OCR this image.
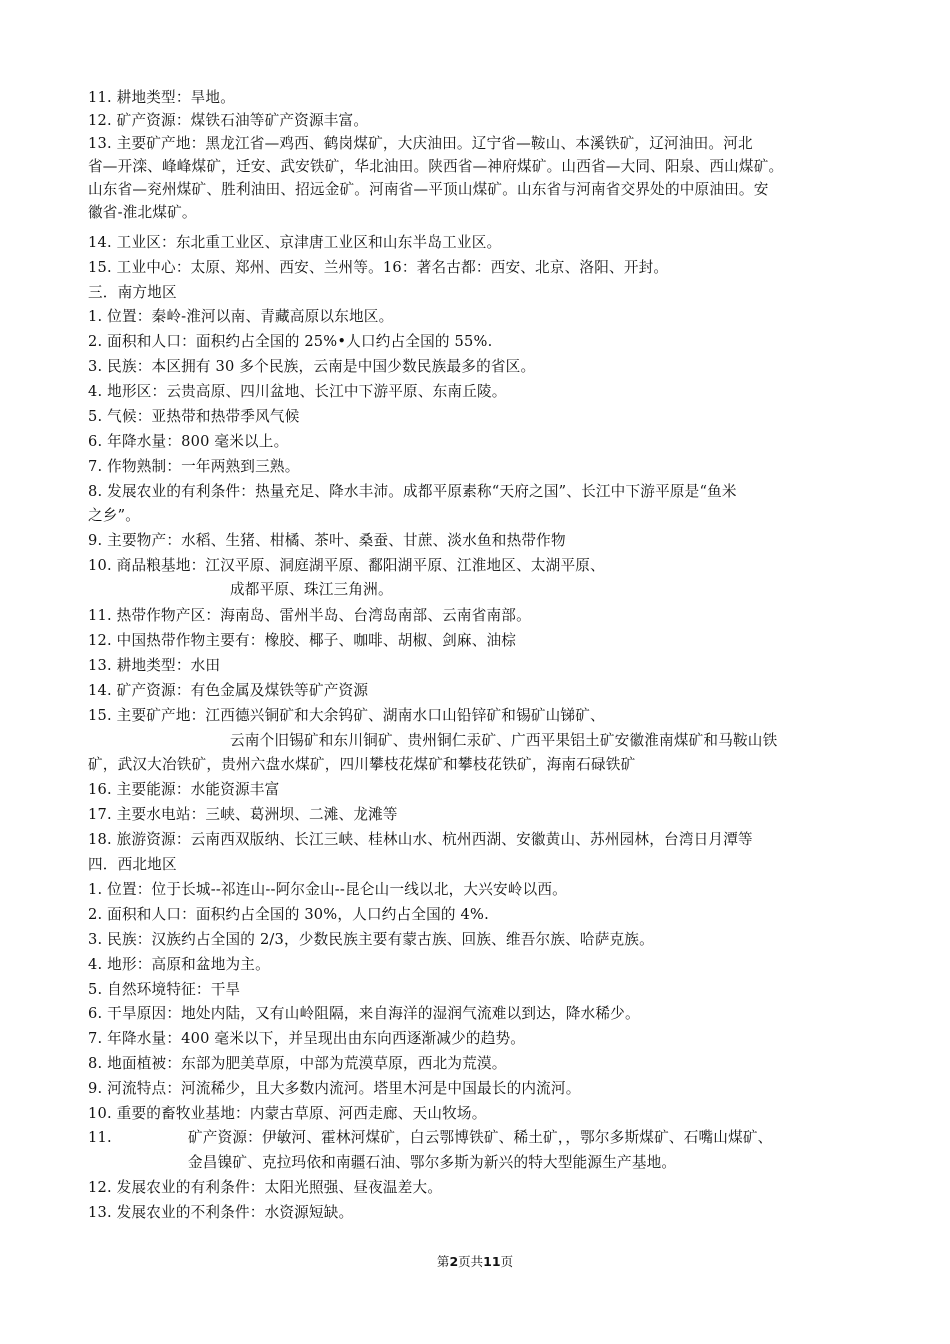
11. 耕地类型：旱地。
12. 矿产资源：煤铁石油等矿产资源丰富。
13. 主要矿产地：黑龙江省—鸡西、鹤岗煤矿，大庆油田。辽宁省—鞍山、本溪铁矿，辽河油田。河北
省—开滦、峰峰煤矿，迁安、武安铁矿，华北油田。陕西省—神府煤矿。山西省—大同、阳泉、西山煤矿。
山东省—兖州煤矿、胜利油田、招远金矿。河南省—平顶山煤矿。山东省与河南省交界处的中原油田。安
徽省-淮北煤矿。
14. 工业区：东北重工业区、京津唐工业区和山东半岛工业区。
15. 工业中心：太原、郑州、西安、兰州等。16：著名古都：西安、北京、洛阳、开封。
三．南方地区
1. 位置：秦岭-淮河以南、青藏高原以东地区。
2. 面积和人口：面积约占全国的 25%•人口约占全国的 55%.
3. 民族：本区拥有 30 多个民族，云南是中国少数民族最多的省区。
4. 地形区：云贵高原、四川盆地、长江中下游平原、东南丘陵。
5. 气候：亚热带和热带季风气候
6. 年降水量：800 毫米以上。
7. 作物熟制：一年两熟到三熟。
8. 发展农业的有利条件：热量充足、降水丰沛。成都平原素称“天府之国”、长江中下游平原是“鱼米
之乡”。
9. 主要物产：水稻、生猪、柑橘、茶叶、桑蚕、甘蔗、淡水鱼和热带作物
10. 商品粮基地：江汉平原、洞庭湖平原、鄱阳湖平原、江淮地区、太湖平原、
成都平原、珠江三角洲。
11. 热带作物产区：海南岛、雷州半岛、台湾岛南部、云南省南部。
12. 中国热带作物主要有：橡胶、椰子、咖啡、胡椒、剑麻、油棕
13. 耕地类型：水田
14. 矿产资源：有色金属及煤铁等矿产资源
15. 主要矿产地：江西德兴铜矿和大余钨矿、湖南水口山铅锌矿和锡矿山锑矿、
云南个旧锡矿和东川铜矿、贵州铜仁汞矿、广西平果铝土矿安徽淮南煤矿和马鞍山铁
矿，武汉大冶铁矿，贵州六盘水煤矿，四川攀枝花煤矿和攀枝花铁矿，海南石碌铁矿
16. 主要能源：水能资源丰富
17. 主要水电站：三峡、葛洲坝、二滩、龙滩等
18. 旅游资源：云南西双版纳、长江三峡、桂林山水、杭州西湖、安徽黄山、苏州园林，台湾日月潭等
四．西北地区
1. 位置：位于长城--祁连山--阿尔金山--昆仑山一线以北，大兴安岭以西。
2. 面积和人口：面积约占全国的 30%，人口约占全国的 4%.
3. 民族：汉族约占全国的 2/3，少数民族主要有蒙古族、回族、维吾尔族、哈萨克族。
4. 地形：高原和盆地为主。
5. 自然环境特征：干旱
6. 干旱原因：地处内陆，又有山岭阻隔，来自海洋的湿润气流难以到达，降水稀少。
7. 年降水量：400 毫米以下，并呈现出由东向西逐渐减少的趋势。
8. 地面植被：东部为肥美草原，中部为荒漠草原，西北为荒漠。
9. 河流特点：河流稀少，且大多数内流河。塔里木河是中国最长的内流河。
10. 重要的畜牧业基地：内蒙古草原、河西走廊、天山牧场。
11.	矿产资源：伊敏河、霍林河煤矿，白云鄂博铁矿、稀土矿，，鄂尔多斯煤矿、石嘴山煤矿、
金昌镍矿、克拉玛依和南疆石油、鄂尔多斯为新兴的特大型能源生产基地。
12. 发展农业的有利条件：太阳光照强、昼夜温差大。
13. 发展农业的不利条件：水资源短缺。
第2页共11页
